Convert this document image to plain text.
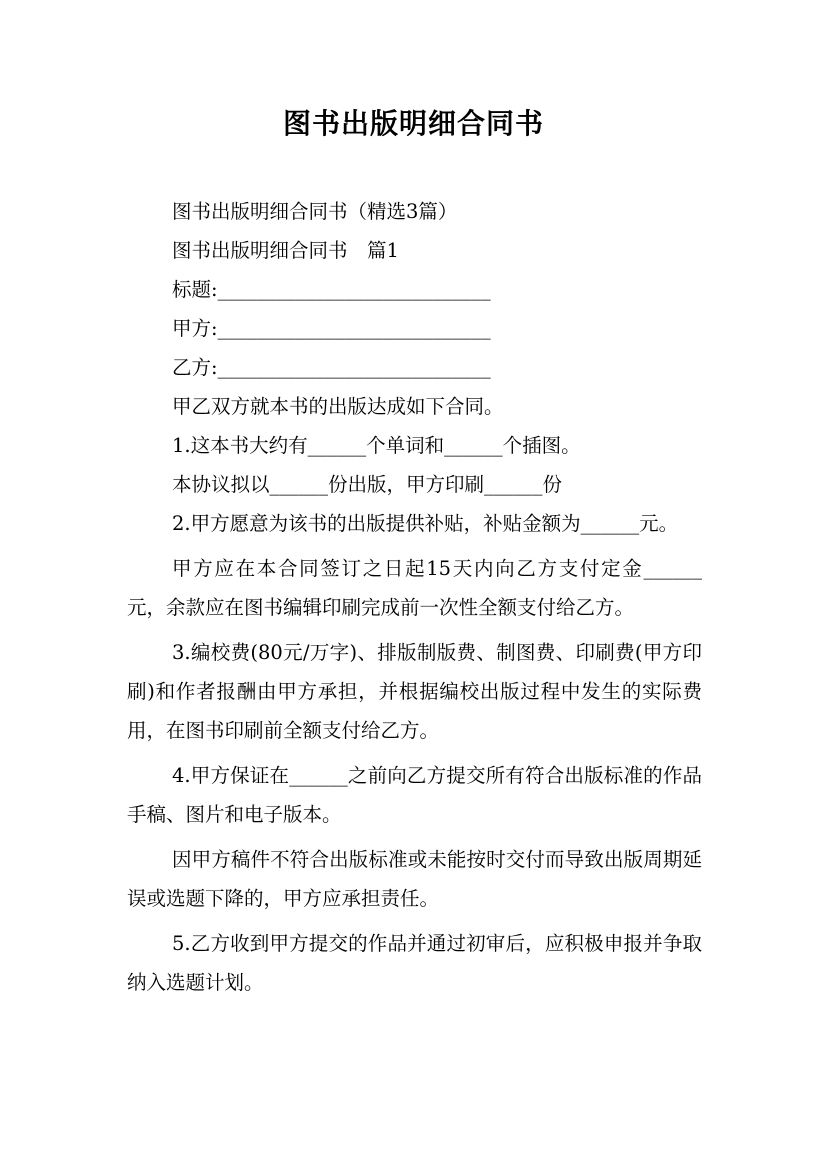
图书出版明细合同书

图书出版明细合同书（精选3篇）

图书出版明细合同书　篇1

标题:____________________________

甲方:____________________________

乙方:____________________________

甲乙双方就本书的出版达成如下合同。

1.这本书大约有______个单词和______个插图。

本协议拟以______份出版，甲方印刷______份

2.甲方愿意为该书的出版提供补贴，补贴金额为______元。

甲方应在本合同签订之日起15天内向乙方支付定金______元，余款应在图书编辑印刷完成前一次性全额支付给乙方。

3.编校费(80元/万字)、排版制版费、制图费、印刷费(甲方印刷)和作者报酬由甲方承担，并根据编校出版过程中发生的实际费用，在图书印刷前全额支付给乙方。

4.甲方保证在______之前向乙方提交所有符合出版标准的作品手稿、图片和电子版本。

因甲方稿件不符合出版标准或未能按时交付而导致出版周期延误或选题下降的，甲方应承担责任。

5.乙方收到甲方提交的作品并通过初审后，应积极申报并争取纳入选题计划。
